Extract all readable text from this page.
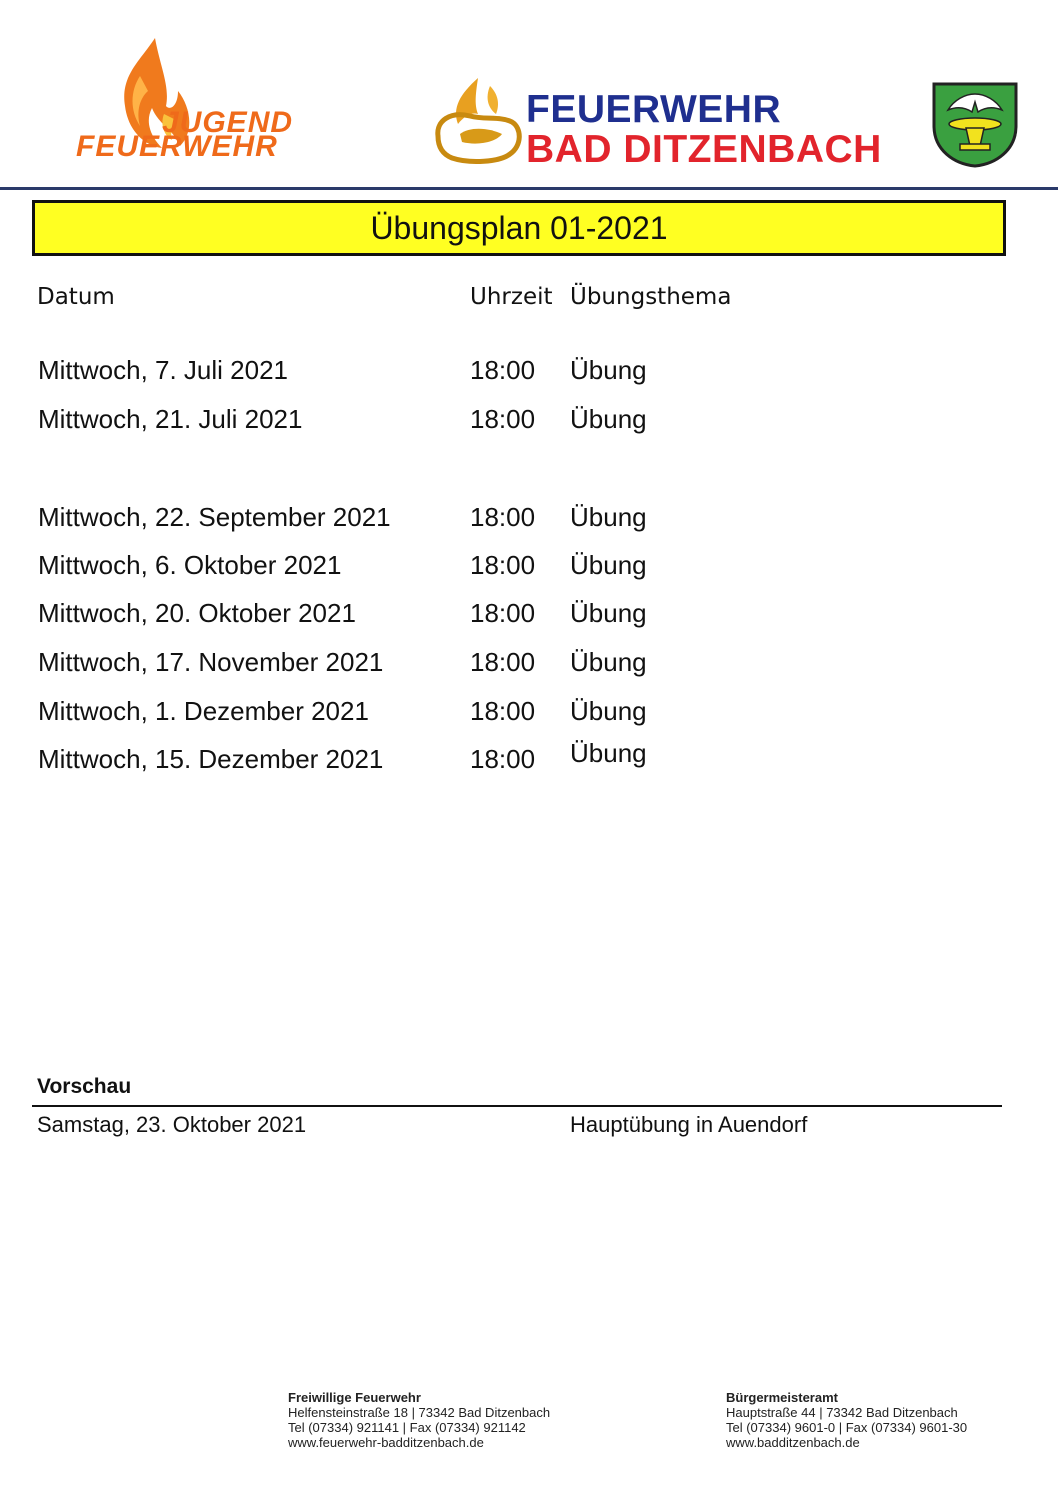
JUGEND
FEUERWEHR
FEUERWEHR
BAD DITZENBACH
Übungsplan 01-2021
Datum	Uhrzeit Übungsthema
Mittwoch, 7. Juli 2021	18:00 Übung
Mittwoch, 21. Juli 2021	18:00 Übung
Mittwoch, 22. September 2021	18:00 Übung
Mittwoch, 6. Oktober 2021	18:00 Übung
Mittwoch, 20. Oktober 2021	18:00 Übung
Mittwoch, 17. November 2021	18:00 Übung
Mittwoch, 1. Dezember 2021	18:00 Übung
Mittwoch, 15. Dezember 2021	18:00 Übung
Vorschau
Samstag, 23. Oktober 2021	Hauptübung in Auendorf
Freiwillige Feuerwehr
Helfensteinstraße 18 | 73342 Bad Ditzenbach
Tel (07334) 921141 | Fax (07334) 921142
www.feuerwehr-badditzenbach.de
Bürgermeisteramt
Hauptstraße 44 | 73342 Bad Ditzenbach
Tel (07334) 9601-0 | Fax (07334) 9601-30
www.badditzenbach.de
